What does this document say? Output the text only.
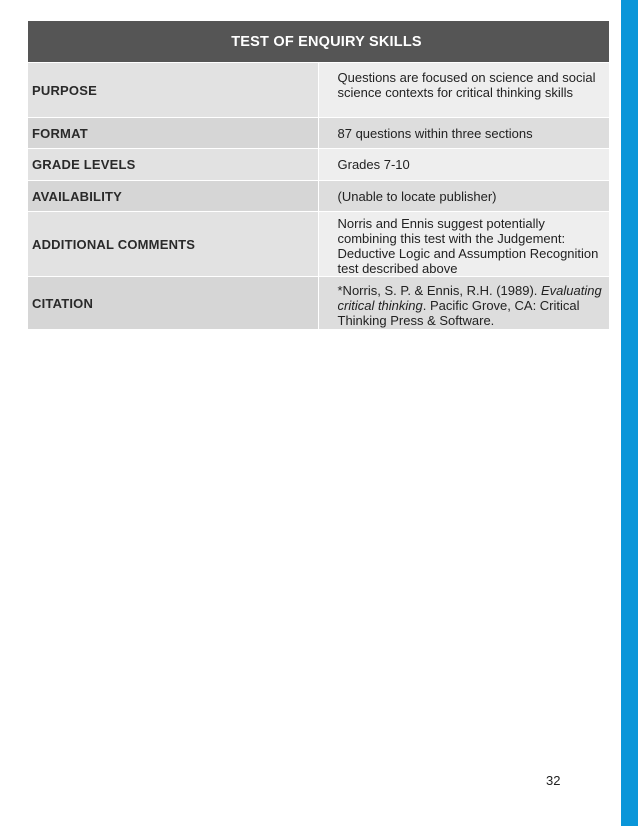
TEST OF ENQUIRY SKILLS	
PURPOSE	Questions are focused on science and social science contexts for critical thinking skills
FORMAT	87 questions within three sections
GRADE LEVELS	Grades 7-10
AVAILABILITY	(Unable to locate publisher)
ADDITIONAL COMMENTS	Norris and Ennis suggest potentially combining this test with the Judgement: Deductive Logic and Assumption Recognition test described above
CITATION	*Norris, S. P. & Ennis, R.H. (1989). Evaluating critical thinking. Pacific Grove, CA: Critical Thinking Press & Software.
32
